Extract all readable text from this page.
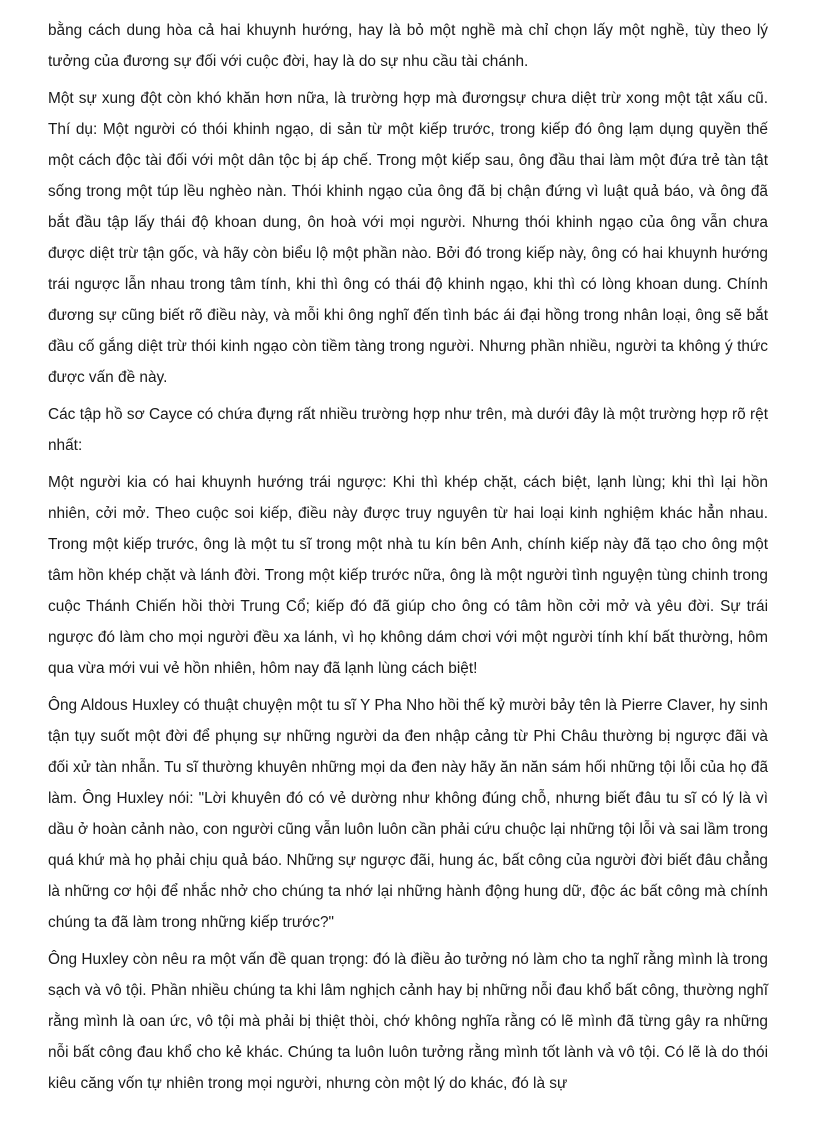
bằng cách dung hòa cả hai khuynh hướng, hay là bỏ một nghề mà chỉ chọn lấy một nghề, tùy theo lý tưởng của đương sự đối với cuộc đời, hay là do sự nhu cầu tài chánh.

Một sự xung đột còn khó khăn hơn nữa, là trường hợp mà đươngsự chưa diệt trừ xong một tật xấu cũ. Thí dụ: Một người có thói khinh ngạo, di sản từ một kiếp trước, trong kiếp đó ông lạm dụng quyền thế một cách độc tài đối với một dân tộc bị áp chế. Trong một kiếp sau, ông đầu thai làm một đứa trẻ tàn tật sống trong một túp lều nghèo nàn. Thói khinh ngạo của ông đã bị chận đứng vì luật quả báo, và ông đã bắt đầu tập lấy thái độ khoan dung, ôn hoà với mọi người. Nhưng thói khinh ngạo của ông vẫn chưa được diệt trừ tận gốc, và hãy còn biểu lộ một phần nào. Bởi đó trong kiếp này, ông có hai khuynh hướng trái ngược lẫn nhau trong tâm tính, khi thì ông có thái độ khinh ngạo, khi thì có lòng khoan dung. Chính đương sự cũng biết rõ điều này, và mỗi khi ông nghĩ đến tình bác ái đại hồng trong nhân loại, ông sẽ bắt đầu cố gắng diệt trừ thói kinh ngạo còn tiềm tàng trong người. Nhưng phần nhiều, người ta không ý thức được vấn đề này.

Các tập hồ sơ Cayce có chứa đựng rất nhiều trường hợp như trên, mà dưới đây là một trường hợp rõ rệt nhất:

Một người kia có hai khuynh hướng trái ngược: Khi thì khép chặt, cách biệt, lạnh lùng; khi thì lại hồn nhiên, cởi mở. Theo cuộc soi kiếp, điều này được truy nguyên từ hai loại kinh nghiệm khác hẳn nhau. Trong một kiếp trước, ông là một tu sĩ trong một nhà tu kín bên Anh, chính kiếp này đã tạo cho ông một tâm hồn khép chặt và lánh đời. Trong một kiếp trước nữa, ông là một người tình nguyện tùng chinh trong cuộc Thánh Chiến hồi thời Trung Cổ; kiếp đó đã giúp cho ông có tâm hồn cởi mở và yêu đời. Sự trái ngược đó làm cho mọi người đều xa lánh, vì họ không dám chơi với một người tính khí bất thường, hôm qua vừa mới vui vẻ hồn nhiên, hôm nay đã lạnh lùng cách biệt!

Ông Aldous Huxley có thuật chuyện một tu sĩ Y Pha Nho hồi thế kỷ mười bảy tên là Pierre Claver, hy sinh tận tụy suốt một đời để phụng sự những người da đen nhập cảng từ Phi Châu thường bị ngược đãi và đối xử tàn nhẫn. Tu sĩ thường khuyên những mọi da đen này hãy ăn năn sám hối những tội lỗi của họ đã làm. Ông Huxley nói: "Lời khuyên đó có vẻ dường như không đúng chỗ, nhưng biết đâu tu sĩ có lý là vì dầu ở hoàn cảnh nào, con người cũng vẫn luôn luôn cần phải cứu chuộc lại những tội lỗi và sai lầm trong quá khứ mà họ phải chịu quả báo. Những sự ngược đãi, hung ác, bất công của người đời biết đâu chẳng là những cơ hội để nhắc nhở cho chúng ta nhớ lại những hành động hung dữ, độc ác bất công mà chính chúng ta đã làm trong những kiếp trước?"

Ông Huxley còn nêu ra một vấn đề quan trọng: đó là điều ảo tưởng nó làm cho ta nghĩ rằng mình là trong sạch và vô tội. Phần nhiều chúng ta khi lâm nghịch cảnh hay bị những nỗi đau khổ bất công, thường nghĩ rằng mình là oan ức, vô tội mà phải bị thiệt thòi, chớ không nghĩa rằng có lẽ mình đã từng gây ra những nỗi bất công đau khổ cho kẻ khác. Chúng ta luôn luôn tưởng rằng mình tốt lành và vô tội. Có lẽ là do thói kiêu căng vốn tự nhiên trong mọi người, nhưng còn một lý do khác, đó là sự
